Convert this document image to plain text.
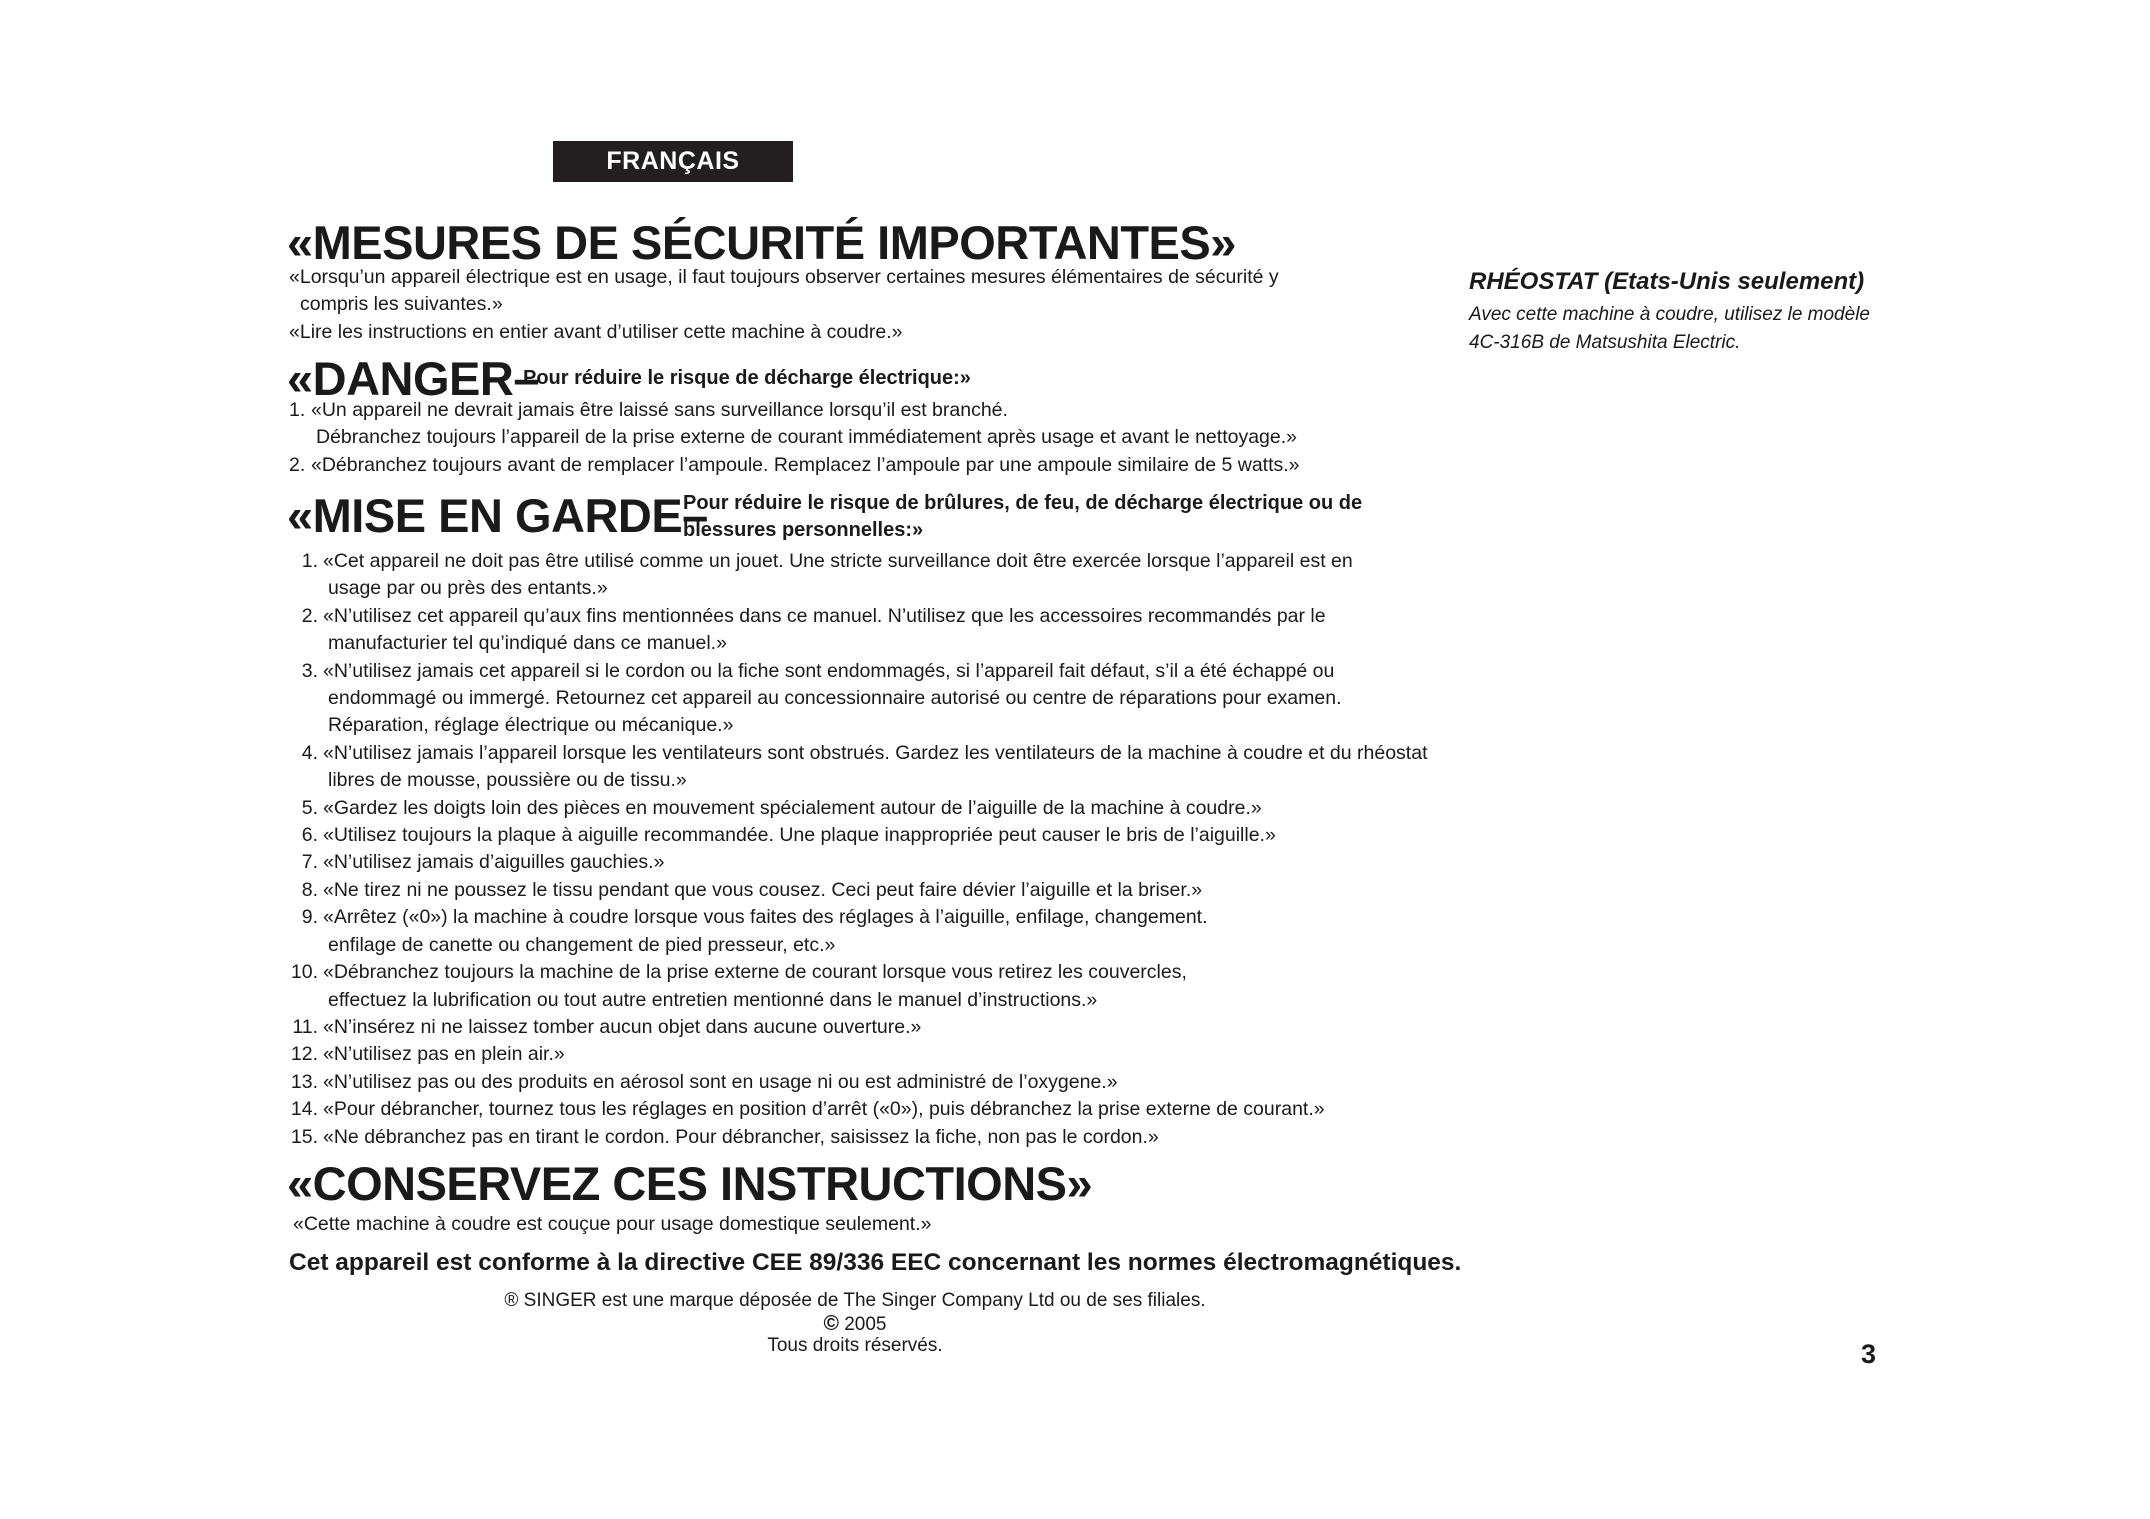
FRANÇAIS
«MESURES DE SÉCURITÉ IMPORTANTES»
«Lorsqu’un appareil électrique est en usage, il faut toujours observer certaines mesures élémentaires de sécurité y
compris les suivantes.»
«Lire les instructions en entier avant d’utiliser cette machine à coudre.»
«DANGER–
Pour réduire le risque de décharge électrique:»
1. «Un appareil ne devrait jamais être laissé sans surveillance lorsqu’il est branché.
Débranchez toujours l’appareil de la prise externe de courant immédiatement après usage et avant le nettoyage.»
2. «Débranchez toujours avant de remplacer l’ampoule. Remplacez l’ampoule par une ampoule similaire de 5 watts.»
«MISE EN GARDE–
Pour réduire le risque de brûlures, de feu, de décharge électrique ou de
blessures personnelles:»
1. «Cet appareil ne doit pas être utilisé comme un jouet. Une stricte surveillance doit être exercée lorsque l’appareil est en
usage par ou près des entants.»
2. «N’utilisez cet appareil qu’aux fins mentionnées dans ce manuel. N’utilisez que les accessoires recommandés par le
manufacturier tel qu’indiqué dans ce manuel.»
3. «N’utilisez jamais cet appareil si le cordon ou la fiche sont endommagés, si l’appareil fait défaut, s’il a été échappé ou
endommagé ou immergé. Retournez cet appareil au concessionnaire autorisé ou centre de réparations pour examen.
Réparation, réglage électrique ou mécanique.»
4. «N’utilisez jamais l’appareil lorsque les ventilateurs sont obstrués. Gardez les ventilateurs de la machine à coudre et du rhéostat
libres de mousse, poussière ou de tissu.»
5. «Gardez les doigts loin des pièces en mouvement spécialement autour de l’aiguille de la machine à coudre.»
6. «Utilisez toujours la plaque à aiguille recommandée. Une plaque inappropriée peut causer le bris de l’aiguille.»
7. «N’utilisez jamais d’aiguilles gauchies.»
8. «Ne tirez ni ne poussez le tissu pendant que vous cousez. Ceci peut faire dévier l’aiguille et la briser.»
9. «Arrêtez («0») la machine à coudre lorsque vous faites des réglages à l’aiguille, enfilage, changement.
enfilage de canette ou changement de pied presseur, etc.»
10. «Débranchez toujours la machine de la prise externe de courant lorsque vous retirez les couvercles,
effectuez la lubrification ou tout autre entretien mentionné dans le manuel d’instructions.»
11. «N’insérez ni ne laissez tomber aucun objet dans aucune ouverture.»
12. «N’utilisez pas en plein air.»
13. «N’utilisez pas ou des produits en aérosol sont en usage ni ou est administré de l’oxygene.»
14. «Pour débrancher, tournez tous les réglages en position d’arrêt («0»), puis débranchez la prise externe de courant.»
15. «Ne débranchez pas en tirant le cordon. Pour débrancher, saisissez la fiche, non pas le cordon.»
«CONSERVEZ CES INSTRUCTIONS»
«Cette machine à coudre est couçue pour usage domestique seulement.»
Cet appareil est conforme à la directive CEE 89/336 EEC concernant les normes électromagnétiques.
® SINGER est une marque déposée de The Singer Company Ltd ou de ses filiales.
© 2005
Tous droits réservés.
RHÉOSTAT (Etats-Unis seulement)
Avec cette machine à coudre, utilisez le modèle
4C-316B de Matsushita Electric.
3
